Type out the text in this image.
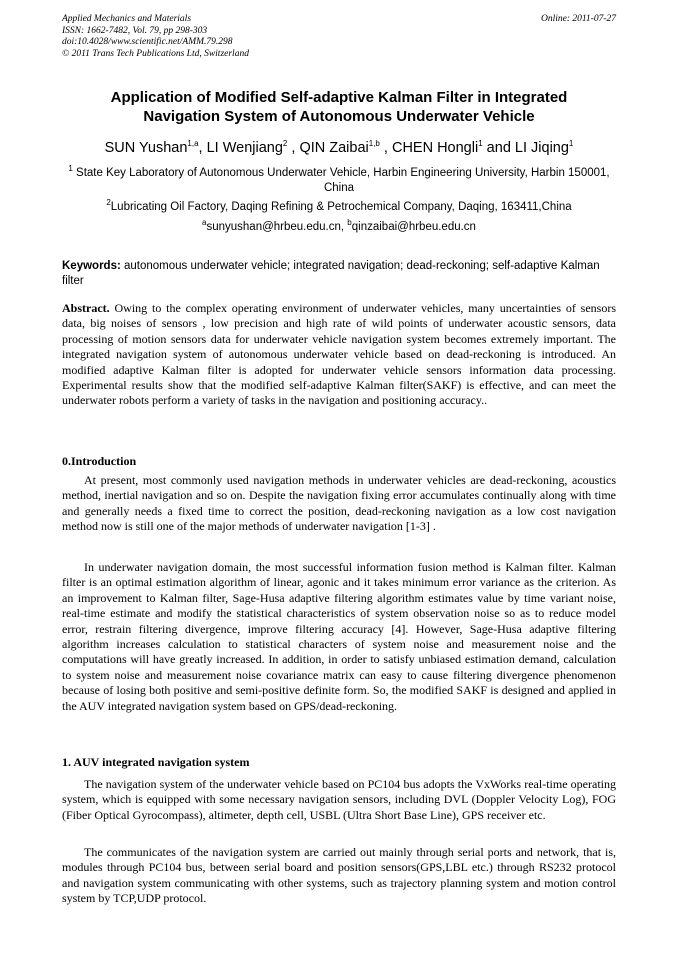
Applied Mechanics and Materials
ISSN: 1662-7482, Vol. 79, pp 298-303
doi:10.4028/www.scientific.net/AMM.79.298
© 2011 Trans Tech Publications Ltd, Switzerland
Online: 2011-07-27
Application of Modified Self-adaptive Kalman Filter in Integrated
Navigation System of Autonomous Underwater Vehicle
SUN Yushan$^{1,a}$, LI Wenjiang$^2$ , QIN Zaibai$^{1,b}$ , CHEN Hongli$^1$ and LI Jiqing$^1$
$^1$ State Key Laboratory of Autonomous Underwater Vehicle, Harbin Engineering University, Harbin 150001, China
$^2$Lubricating Oil Factory, Daqing Refining & Petrochemical Company, Daqing, 163411,China
$^a$sunyushan@hrbeu.edu.cn, $^b$qinzaibai@hrbeu.edu.cn
Keywords: autonomous underwater vehicle; integrated navigation; dead-reckoning; self-adaptive Kalman filter
Abstract. Owing to the complex operating environment of underwater vehicles, many uncertainties of sensors data, big noises of sensors , low precision and high rate of wild points of underwater acoustic sensors, data processing of motion sensors data for underwater vehicle navigation system becomes extremely important. The integrated navigation system of autonomous underwater vehicle based on dead-reckoning is introduced. An modified adaptive Kalman filter is adopted for underwater vehicle sensors information data processing. Experimental results show that the modified self-adaptive Kalman filter(SAKF) is effective, and can meet the underwater robots perform a variety of tasks in the navigation and positioning accuracy..
0.Introduction
At present, most commonly used navigation methods in underwater vehicles are dead-reckoning, acoustics method, inertial navigation and so on. Despite the navigation fixing error accumulates continually along with time and generally needs a fixed time to correct the position, dead-reckoning navigation as a low cost navigation method now is still one of the major methods of underwater navigation [1-3] .
In underwater navigation domain, the most successful information fusion method is Kalman filter. Kalman filter is an optimal estimation algorithm of linear, agonic and it takes minimum error variance as the criterion. As an improvement to Kalman filter, Sage-Husa adaptive filtering algorithm estimates value by time variant noise, real-time estimate and modify the statistical characteristics of system observation noise so as to reduce model error, restrain filtering divergence, improve filtering accuracy [4]. However, Sage-Husa adaptive filtering algorithm increases calculation to statistical characters of system noise and measurement noise and the computations will have greatly increased. In addition, in order to satisfy unbiased estimation demand, calculation to system noise and measurement noise covariance matrix can easy to cause filtering divergence phenomenon because of losing both positive and semi-positive definite form. So, the modified SAKF is designed and applied in the AUV integrated navigation system based on GPS/dead-reckoning.
1. AUV integrated navigation system
The navigation system of the underwater vehicle based on PC104 bus adopts the VxWorks real-time operating system, which is equipped with some necessary navigation sensors, including DVL (Doppler Velocity Log), FOG (Fiber Optical Gyrocompass), altimeter, depth cell, USBL (Ultra Short Base Line), GPS receiver etc.
The communicates of the navigation system are carried out mainly through serial ports and network, that is, modules through PC104 bus, between serial board and position sensors(GPS,LBL etc.) through RS232 protocol and navigation system communicating with other systems, such as trajectory planning system and motion control system by TCP,UDP protocol.
